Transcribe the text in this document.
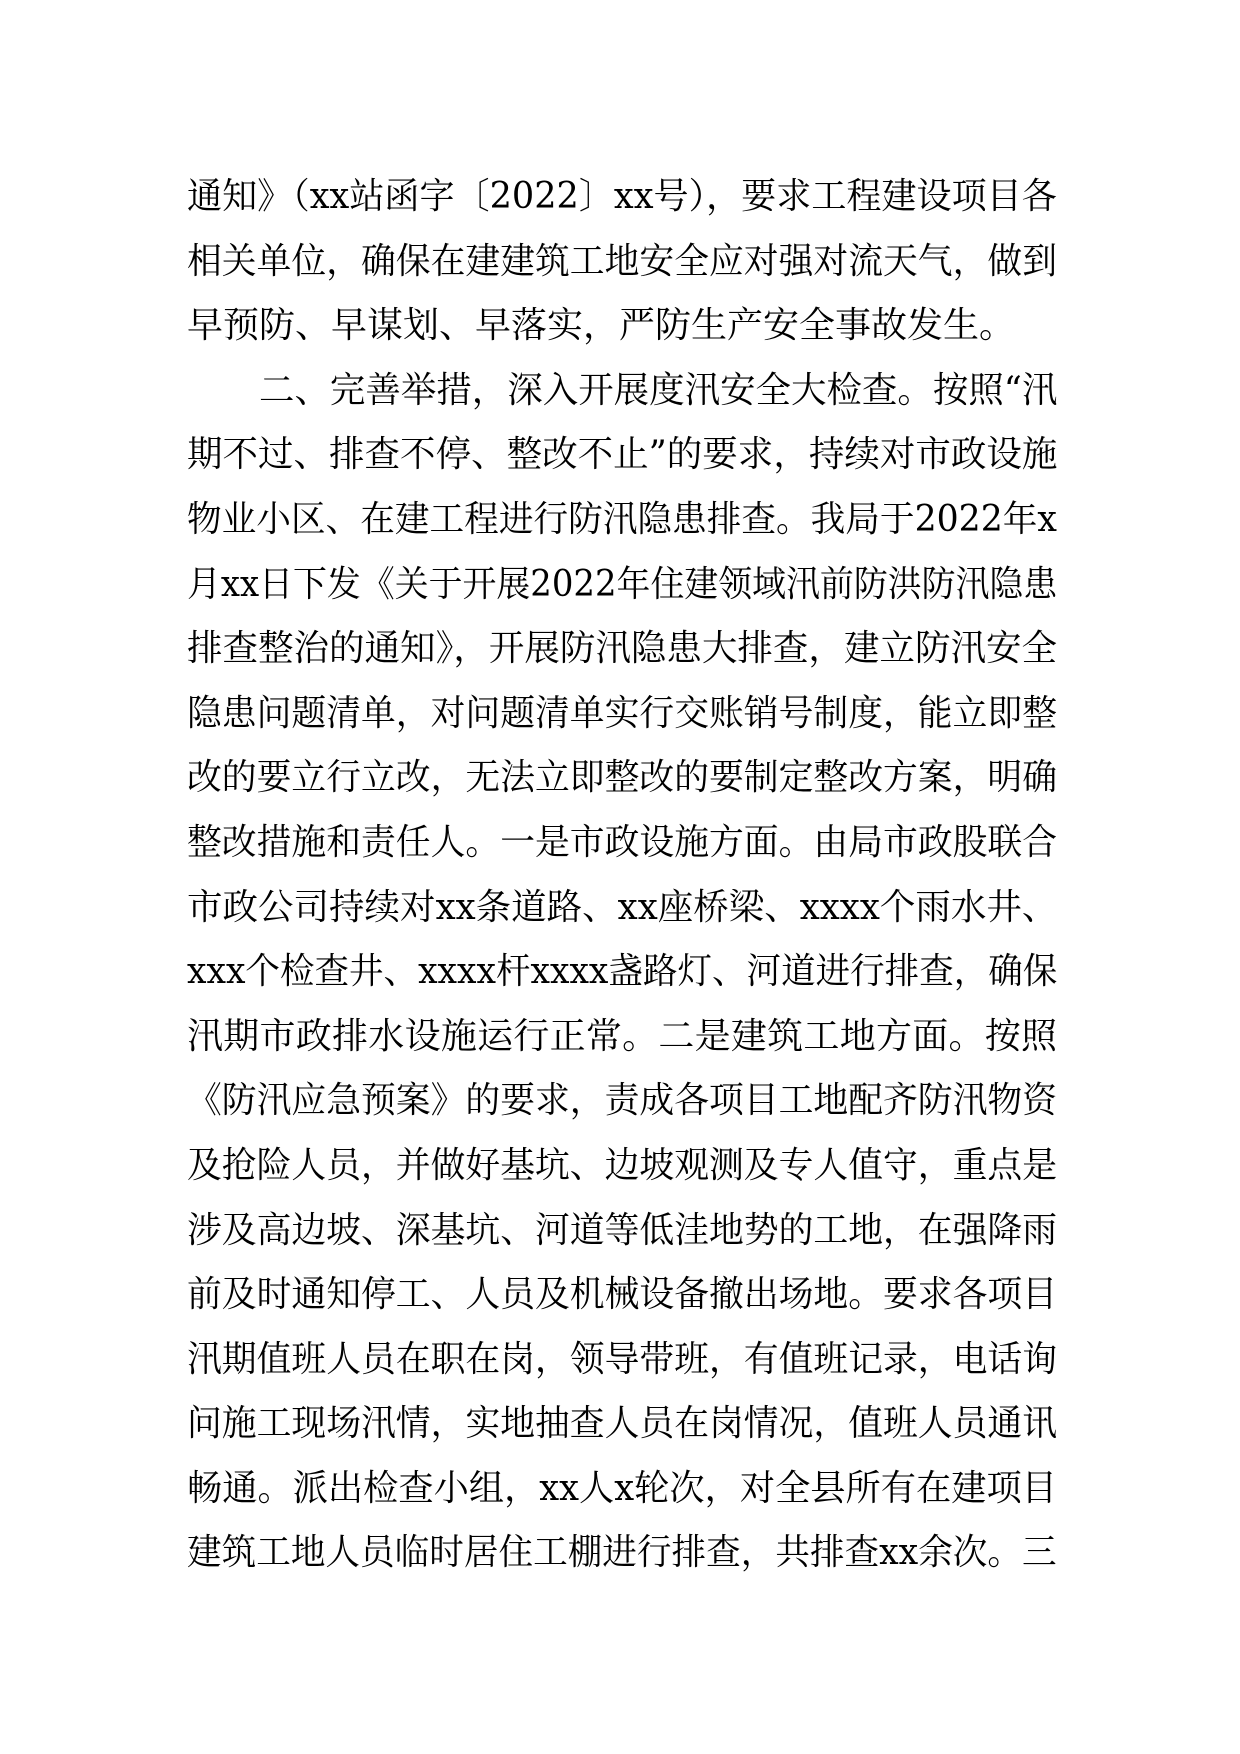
通知》（xx站函字〔2022〕xx号），要求工程建设项目各
相关单位，确保在建建筑工地安全应对强对流天气，做到
早预防、早谋划、早落实，严防生产安全事故发生。
二、完善举措，深入开展度汛安全大检查。按照“汛
期不过、排查不停、整改不止”的要求，持续对市政设施
物业小区、在建工程进行防汛隐患排查。我局于2022年x
月xx日下发《关于开展2022年住建领域汛前防洪防汛隐患
排查整治的通知》，开展防汛隐患大排查，建立防汛安全
隐患问题清单，对问题清单实行交账销号制度，能立即整
改的要立行立改，无法立即整改的要制定整改方案，明确
整改措施和责任人。一是市政设施方面。由局市政股联合
市政公司持续对xx条道路、xx座桥梁、xxxx个雨水井、
xxx个检查井、xxxx杆xxxx盏路灯、河道进行排查，确保
汛期市政排水设施运行正常。二是建筑工地方面。按照
《防汛应急预案》的要求，责成各项目工地配齐防汛物资
及抢险人员，并做好基坑、边坡观测及专人值守，重点是
涉及高边坡、深基坑、河道等低洼地势的工地，在强降雨
前及时通知停工、人员及机械设备撤出场地。要求各项目
汛期值班人员在职在岗，领导带班，有值班记录，电话询
问施工现场汛情，实地抽查人员在岗情况，值班人员通讯
畅通。派出检查小组，xx人x轮次，对全县所有在建项目
建筑工地人员临时居住工棚进行排查，共排查xx余次。三
